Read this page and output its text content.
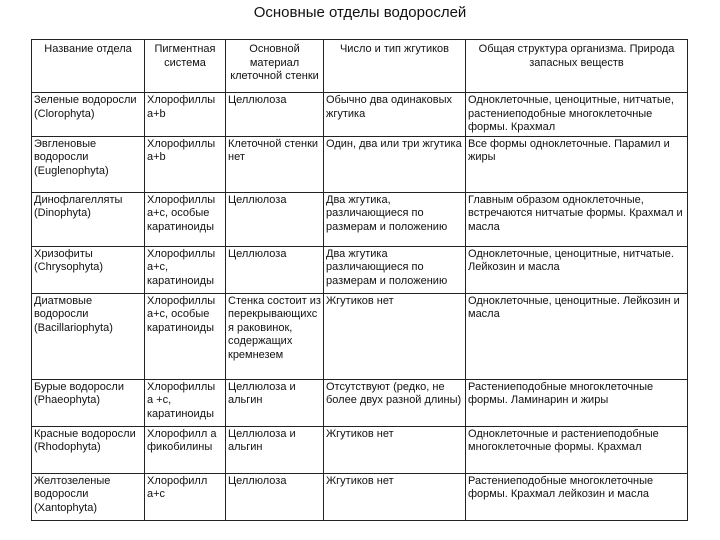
Основные отделы водорослей
Название отдела	Пигментная система	Основной материал клеточной стенки	Число и тип жгутиков	Общая структура организма. Природа запасных веществ
Зеленые водоросли (Clorophyta)	Хлорофиллы a+b	Целлюлоза	Обычно два одинаковых жгутика	Одноклеточные, ценоцитные, нитчатые, растениеподобные многоклеточные формы. Крахмал
Эвгленовые водоросли (Euglenophyta)	Хлорофиллы a+b	Клеточной стенки нет	Один, два или три жгутика	Все формы одноклеточные. Парамил и жиры
Динофлагелляты (Dinophyta)	Хлорофиллы a+c, особые каратиноиды	Целлюлоза	Два жгутика, различающиеся по размерам и положению	Главным образом одноклеточные, встречаются нитчатые формы. Крахмал и масла
Хризофиты (Chrysophyta)	Хлорофиллы a+c, каратиноиды	Целлюлоза	Два жгутика различающиеся по размерам и положению	Одноклеточные, ценоцитные, нитчатые. Лейкозин и масла
Диатмовые водоросли (Bacillariophyta)	Хлорофиллы a+c, особые каратиноиды	Стенка состоит из перекрывающихся раковинок, содержащих кремнезем	Жгутиков нет	Одноклеточные, ценоцитные. Лейкозин и масла
Бурые водоросли (Phaeophyta)	Хлорофиллы a +c, каратиноиды	Целлюлоза и альгин	Отсутствуют (редко, не более двух разной длины)	Растениеподобные многоклеточные формы. Ламинарин и жиры
Красные водоросли (Rhodophyta)	Хлорофилл a фикобилины	Целлюлоза и альгин	Жгутиков нет	Одноклеточные и растениеподобные многоклеточные формы. Крахмал
Желтозеленые водоросли (Xantophyta)	Хлорофилл a+c	Целлюлоза	Жгутиков нет	Растениеподобные многоклеточные формы. Крахмал лейкозин и масла
